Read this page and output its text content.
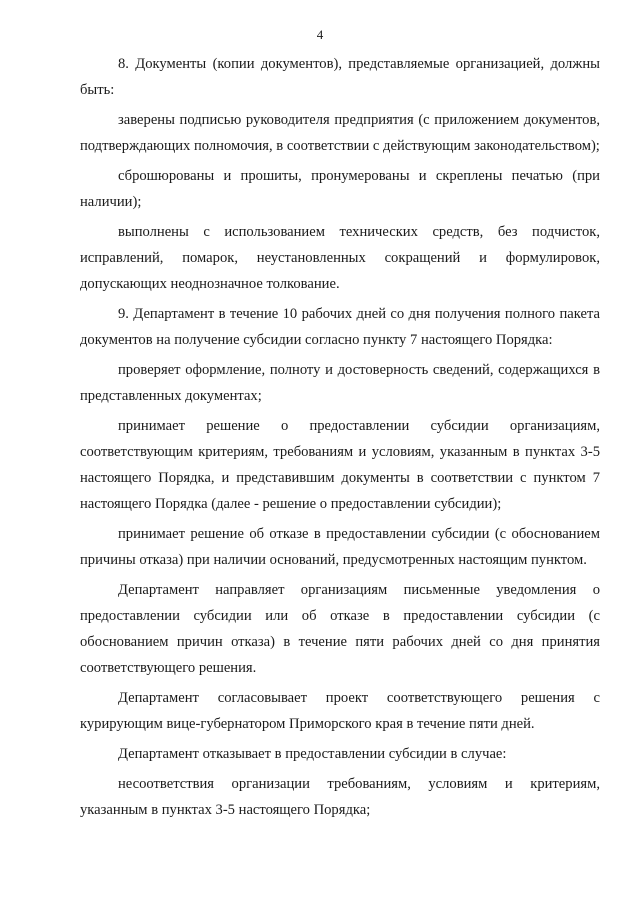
4

8. Документы (копии документов), представляемые организацией, должны быть:

заверены подписью руководителя предприятия (с приложением документов, подтверждающих полномочия, в соответствии с действующим законодательством);

сброшюрованы и прошиты, пронумерованы и скреплены печатью (при наличии);

выполнены с использованием технических средств, без подчисток, исправлений, помарок, неустановленных сокращений и формулировок, допускающих неоднозначное толкование.

9. Департамент в течение 10 рабочих дней со дня получения полного пакета документов на получение субсидии согласно пункту 7 настоящего Порядка:

проверяет оформление, полноту и достоверность сведений, содержащихся в представленных документах;

принимает решение о предоставлении субсидии организациям, соответствующим критериям, требованиям и условиям, указанным в пунктах 3-5 настоящего Порядка, и представившим документы в соответствии с пунктом 7 настоящего Порядка (далее - решение о предоставлении субсидии);

принимает решение об отказе в предоставлении субсидии (с обоснованием причины отказа) при наличии оснований, предусмотренных настоящим пунктом.

Департамент направляет организациям письменные уведомления о предоставлении субсидии или об отказе в предоставлении субсидии (с обоснованием причин отказа) в течение пяти рабочих дней со дня принятия соответствующего решения.

Департамент согласовывает проект соответствующего решения с курирующим вице-губернатором Приморского края в течение пяти дней.

Департамент отказывает в предоставлении субсидии в случае:

несоответствия организации требованиям, условиям и критериям, указанным в пунктах 3-5 настоящего Порядка;
